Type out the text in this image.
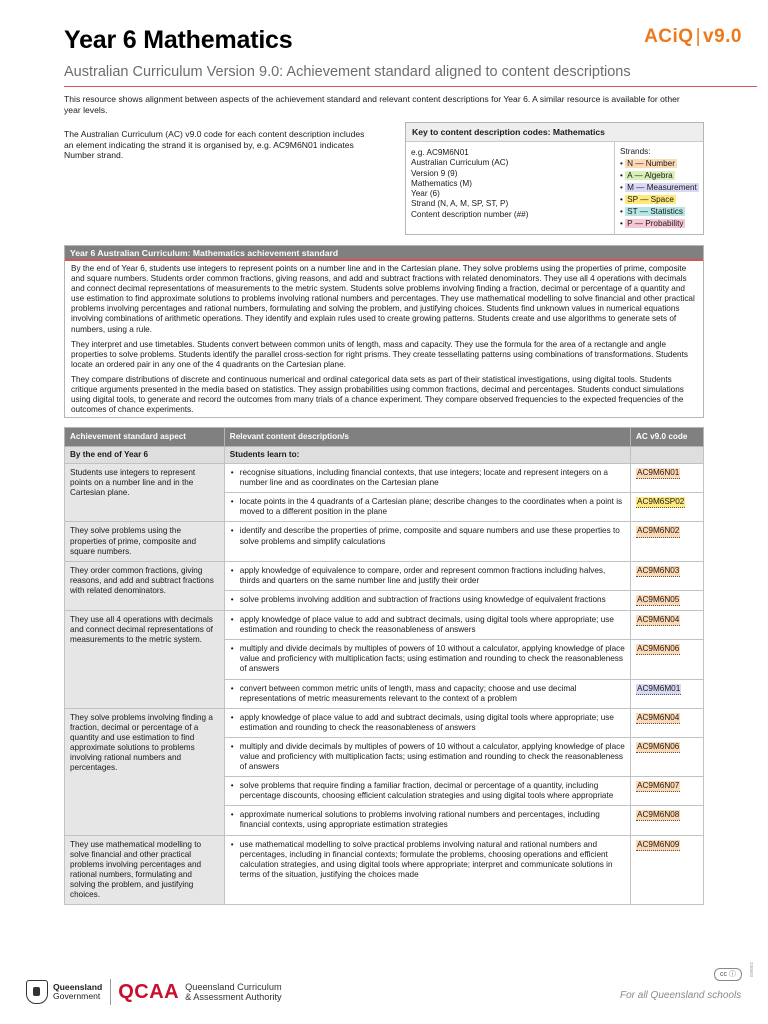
Year 6 Mathematics	ACiQ | v9.0
Australian Curriculum Version 9.0: Achievement standard aligned to content descriptions
This resource shows alignment between aspects of the achievement standard and relevant content descriptions for Year 6. A similar resource is available for other year levels.
The Australian Curriculum (AC) v9.0 code for each content description includes an element indicating the strand it is organised by, e.g. AC9M6N01 indicates Number strand.
Key to content description codes: Mathematics
e.g. AC9M6N01
Australian Curriculum (AC)
Version 9 (9)
Mathematics (M)
Year (6)
Strand (N, A, M, SP, ST, P)
Content description number (##)
Strands:
• N — Number
• A — Algebra
• M — Measurement
• SP — Space
• ST — Statistics
• P — Probability
Year 6 Australian Curriculum: Mathematics achievement standard

By the end of Year 6, students use integers to represent points on a number line and in the Cartesian plane. They solve problems using the properties of prime, composite and square numbers. Students order common fractions, giving reasons, and add and subtract fractions with related denominators. They use all 4 operations with decimals and connect decimal representations of measurements to the metric system. Students solve problems involving finding a fraction, decimal or percentage of a quantity and use estimation to find approximate solutions to problems involving rational numbers and percentages. They use mathematical modelling to solve financial and other practical problems involving percentages and rational numbers, formulating and solving the problem, and justifying choices. Students find unknown values in numerical equations involving combinations of arithmetic operations. They identify and explain rules used to create growing patterns. Students create and use algorithms to generate sets of numbers, using a rule.

They interpret and use timetables. Students convert between common units of length, mass and capacity. They use the formula for the area of a rectangle and angle properties to solve problems. Students identify the parallel cross-section for right prisms. They create tessellating patterns using combinations of transformations. Students locate an ordered pair in any one of the 4 quadrants on the Cartesian plane.

They compare distributions of discrete and continuous numerical and ordinal categorical data sets as part of their statistical investigations, using digital tools. Students critique arguments presented in the media based on statistics. They assign probabilities using common fractions, decimal and percentages. Students conduct simulations using digital tools, to generate and record the outcomes from many trials of a chance experiment. They compare observed frequencies to the expected frequencies of the outcomes of chance experiments.

Achievement standard aspect	Relevant content description/s	AC v9.0 code
By the end of Year 6	Students learn to:	
Students use integers to represent points on a number line and in the Cartesian plane.	• recognise situations, including financial contexts, that use integers; locate and represent integers on a number line and as coordinates on the Cartesian plane	AC9M6N01

	• locate points in the 4 quadrants of a Cartesian plane; describe changes to the coordinates when a point is moved to a different position in the plane	AC9M6SP02
They solve problems using the properties of prime, composite and square numbers.	• identify and describe the properties of prime, composite and square numbers and use these properties to solve problems and simplify calculations	AC9M6N02
They order common fractions, giving reasons, and add and subtract fractions with related denominators.	• apply knowledge of equivalence to compare, order and represent common fractions including halves, thirds and quarters on the same number line and justify their order	AC9M6N03

	• solve problems involving addition and subtraction of fractions using knowledge of equivalent fractions	AC9M6N05
They use all 4 operations with decimals and connect decimal representations of measurements to the metric system.	• apply knowledge of place value to add and subtract decimals, using digital tools where appropriate; use estimation and rounding to check the reasonableness of answers	AC9M6N04

	• multiply and divide decimals by multiples of powers of 10 without a calculator, applying knowledge of place value and proficiency with multiplication facts; using estimation and rounding to check the reasonableness of answers	AC9M6N06

	• convert between common metric units of length, mass and capacity; choose and use decimal representations of metric measurements relevant to the context of a problem	AC9M6M01
They solve problems involving finding a fraction, decimal or percentage of a quantity and use estimation to find approximate solutions to problems involving rational numbers and percentages.	• apply knowledge of place value to add and subtract decimals, using digital tools where appropriate; use estimation and rounding to check the reasonableness of answers	AC9M6N04

	• multiply and divide decimals by multiples of powers of 10 without a calculator, applying knowledge of place value and proficiency with multiplication facts; using estimation and rounding to check the reasonableness of answers	AC9M6N06

	• solve problems that require finding a familiar fraction, decimal or percentage of a quantity, including percentage discounts, choosing efficient calculation strategies and using digital tools where appropriate	AC9M6N07

	• approximate numerical solutions to problems involving rational numbers and percentages, including financial contexts, using appropriate estimation strategies	AC9M6N08
They use mathematical modelling to solve financial and other practical problems involving percentages and rational numbers, formulating and solving the problem, and justifying choices.	• use mathematical modelling to solve practical problems involving natural and rational numbers and percentages, including in financial contexts; formulate the problems, choosing operations and efficient calculation strategies, and using digital tools where appropriate; interpret and communicate solutions in terms of the situation, justifying the choices made	AC9M6N09
Queensland
Government QCAA Queensland Curriculum
& Assessment Authority
cc ⓘ	230603
For all Queensland schools
